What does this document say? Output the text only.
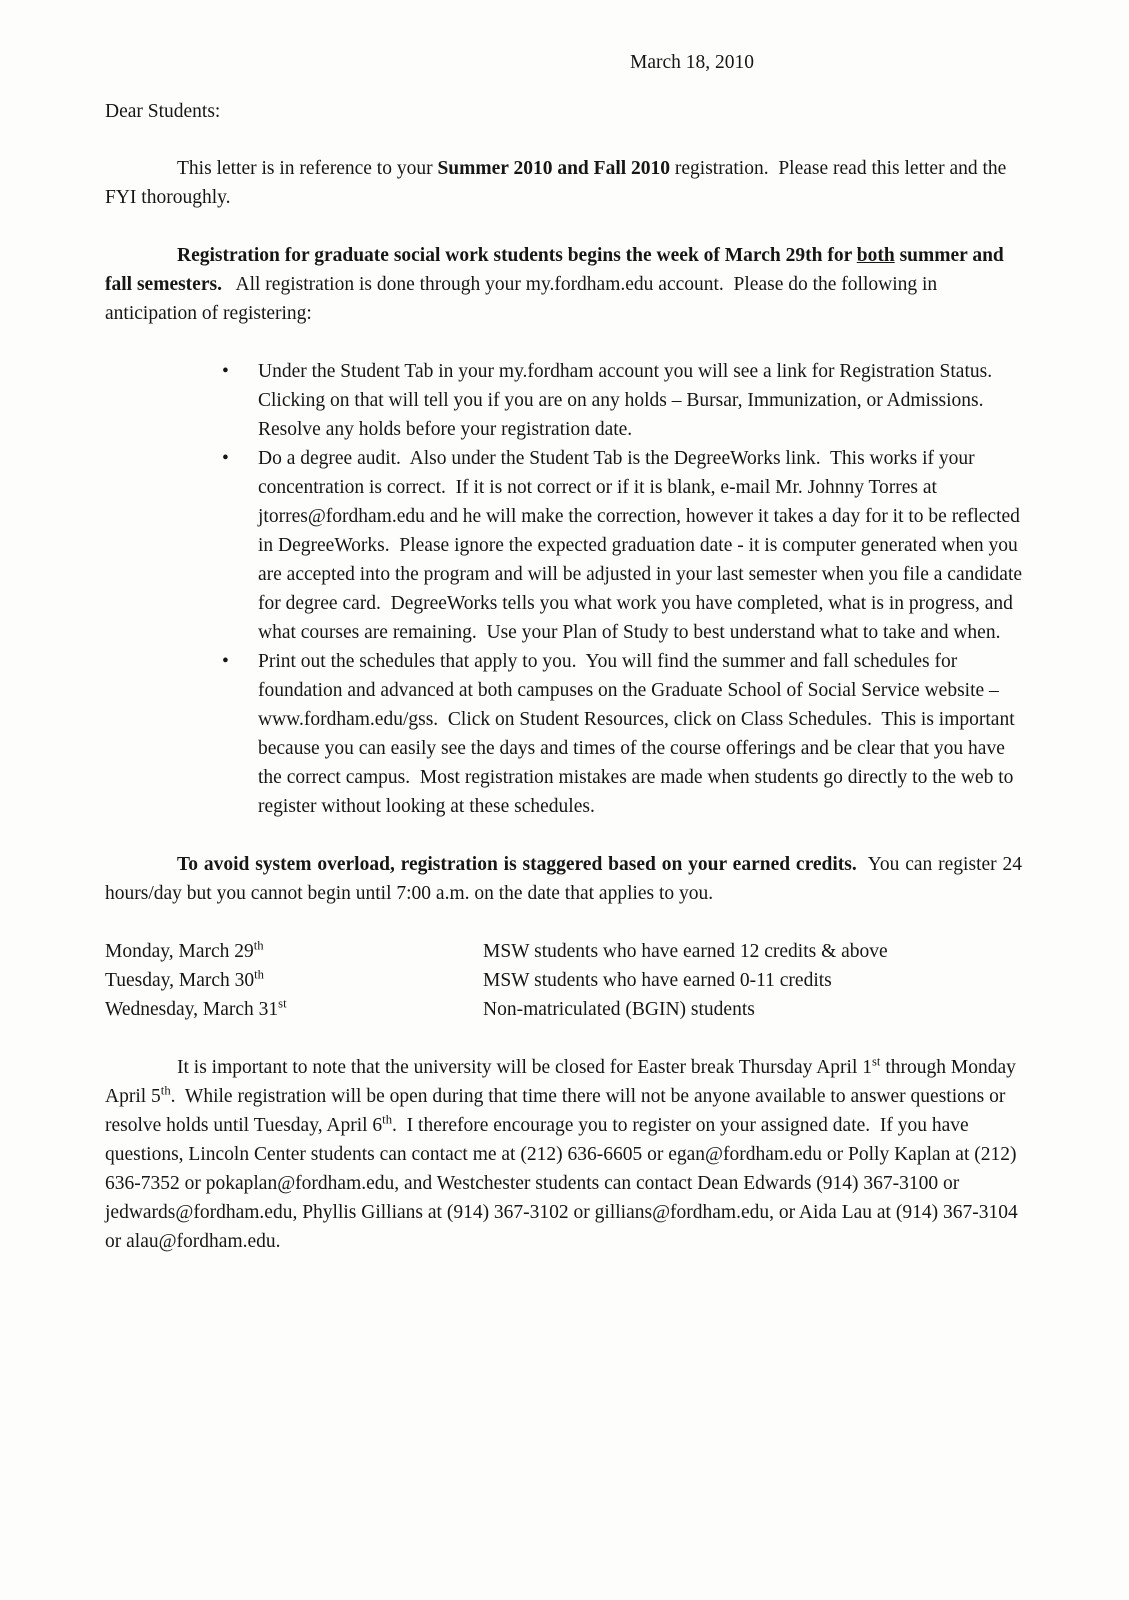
March 18, 2010
Dear Students:

This letter is in reference to your Summer 2010 and Fall 2010 registration.  Please read this letter and the FYI thoroughly.

Registration for graduate social work students begins the week of March 29th for both summer and fall semesters.   All registration is done through your my.fordham.edu account.  Please do the following in anticipation of registering:

• Under the Student Tab in your my.fordham account you will see a link for Registration Status.  Clicking on that will tell you if you are on any holds – Bursar, Immunization, or Admissions.  Resolve any holds before your registration date.
• Do a degree audit.  Also under the Student Tab is the DegreeWorks link.  This works if your concentration is correct.  If it is not correct or if it is blank, e-mail Mr. Johnny Torres at jtorres@fordham.edu and he will make the correction, however it takes a day for it to be reflected in DegreeWorks.  Please ignore the expected graduation date - it is computer generated when you are accepted into the program and will be adjusted in your last semester when you file a candidate for degree card.  DegreeWorks tells you what work you have completed, what is in progress, and what courses are remaining.  Use your Plan of Study to best understand what to take and when.
• Print out the schedules that apply to you.  You will find the summer and fall schedules for foundation and advanced at both campuses on the Graduate School of Social Service website – www.fordham.edu/gss.  Click on Student Resources, click on Class Schedules.  This is important because you can easily see the days and times of the course offerings and be clear that you have the correct campus.  Most registration mistakes are made when students go directly to the web to register without looking at these schedules.

To avoid system overload, registration is staggered based on your earned credits.  You can register 24 hours/day but you cannot begin until 7:00 a.m. on the date that applies to you.

Monday, March 29th	MSW students who have earned 12 credits & above
Tuesday, March 30th	MSW students who have earned 0-11 credits
Wednesday, March 31st	Non-matriculated (BGIN) students

It is important to note that the university will be closed for Easter break Thursday April 1st through Monday April 5th.  While registration will be open during that time there will not be anyone available to answer questions or resolve holds until Tuesday, April 6th.  I therefore encourage you to register on your assigned date.  If you have questions, Lincoln Center students can contact me at (212) 636-6605 or egan@fordham.edu or Polly Kaplan at (212) 636-7352 or pokaplan@fordham.edu, and Westchester students can contact Dean Edwards (914) 367-3100 or jedwards@fordham.edu, Phyllis Gillians at (914) 367-3102 or gillians@fordham.edu, or Aida Lau at (914) 367-3104 or alau@fordham.edu.
